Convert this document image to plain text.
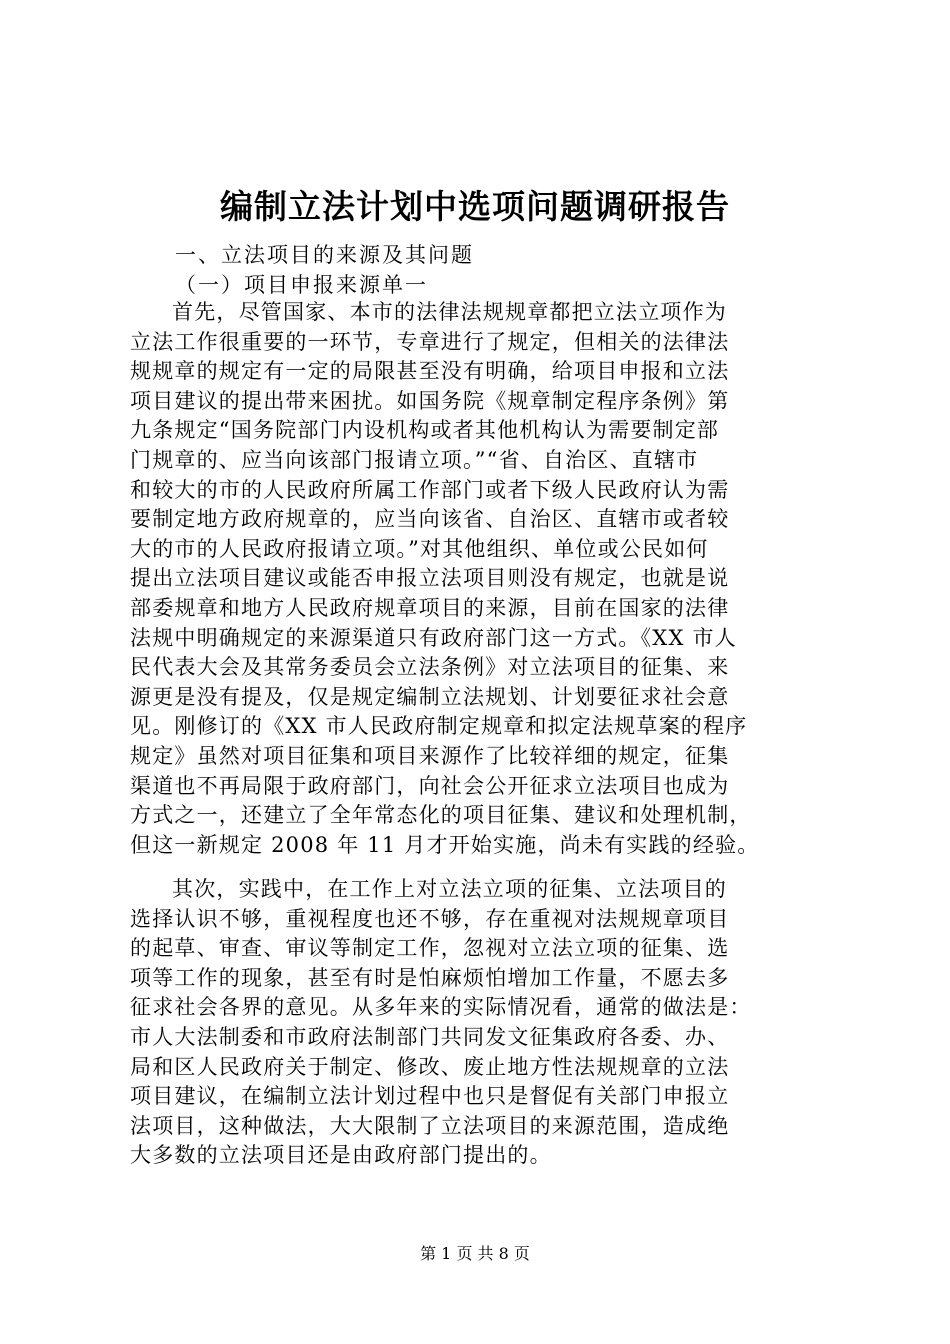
编制立法计划中选项问题调研报告

一、立法项目的来源及其问题

（一）项目申报来源单一

首先，尽管国家、本市的法律法规规章都把立法立项作为
立法工作很重要的一环节，专章进行了规定，但相关的法律法
规规章的规定有一定的局限甚至没有明确，给项目申报和立法
项目建议的提出带来困扰。如国务院《规章制定程序条例》第
九条规定“国务院部门内设机构或者其他机构认为需要制定部
门规章的、应当向该部门报请立项。”“省、自治区、直辖市
和较大的市的人民政府所属工作部门或者下级人民政府认为需
要制定地方政府规章的，应当向该省、自治区、直辖市或者较
大的市的人民政府报请立项。”对其他组织、单位或公民如何
提出立法项目建议或能否申报立法项目则没有规定，也就是说
部委规章和地方人民政府规章项目的来源，目前在国家的法律
法规中明确规定的来源渠道只有政府部门这一方式。《XX 市人
民代表大会及其常务委员会立法条例》对立法项目的征集、来
源更是没有提及，仅是规定编制立法规划、计划要征求社会意
见。刚修订的《XX 市人民政府制定规章和拟定法规草案的程序
规定》虽然对项目征集和项目来源作了比较祥细的规定，征集
渠道也不再局限于政府部门，向社会公开征求立法项目也成为
方式之一，还建立了全年常态化的项目征集、建议和处理机制，
但这一新规定 2008 年 11 月才开始实施，尚未有实践的经验。
其次，实践中，在工作上对立法立项的征集、立法项目的
选择认识不够，重视程度也还不够，存在重视对法规规章项目
的起草、审查、审议等制定工作，忽视对立法立项的征集、选
项等工作的现象，甚至有时是怕麻烦怕增加工作量，不愿去多
征求社会各界的意见。从多年来的实际情况看，通常的做法是：
市人大法制委和市政府法制部门共同发文征集政府各委、办、
局和区人民政府关于制定、修改、废止地方性法规规章的立法
项目建议，在编制立法计划过程中也只是督促有关部门申报立
法项目，这种做法，大大限制了立法项目的来源范围，造成绝
大多数的立法项目还是由政府部门提出的。

第 1 页 共 8 页
